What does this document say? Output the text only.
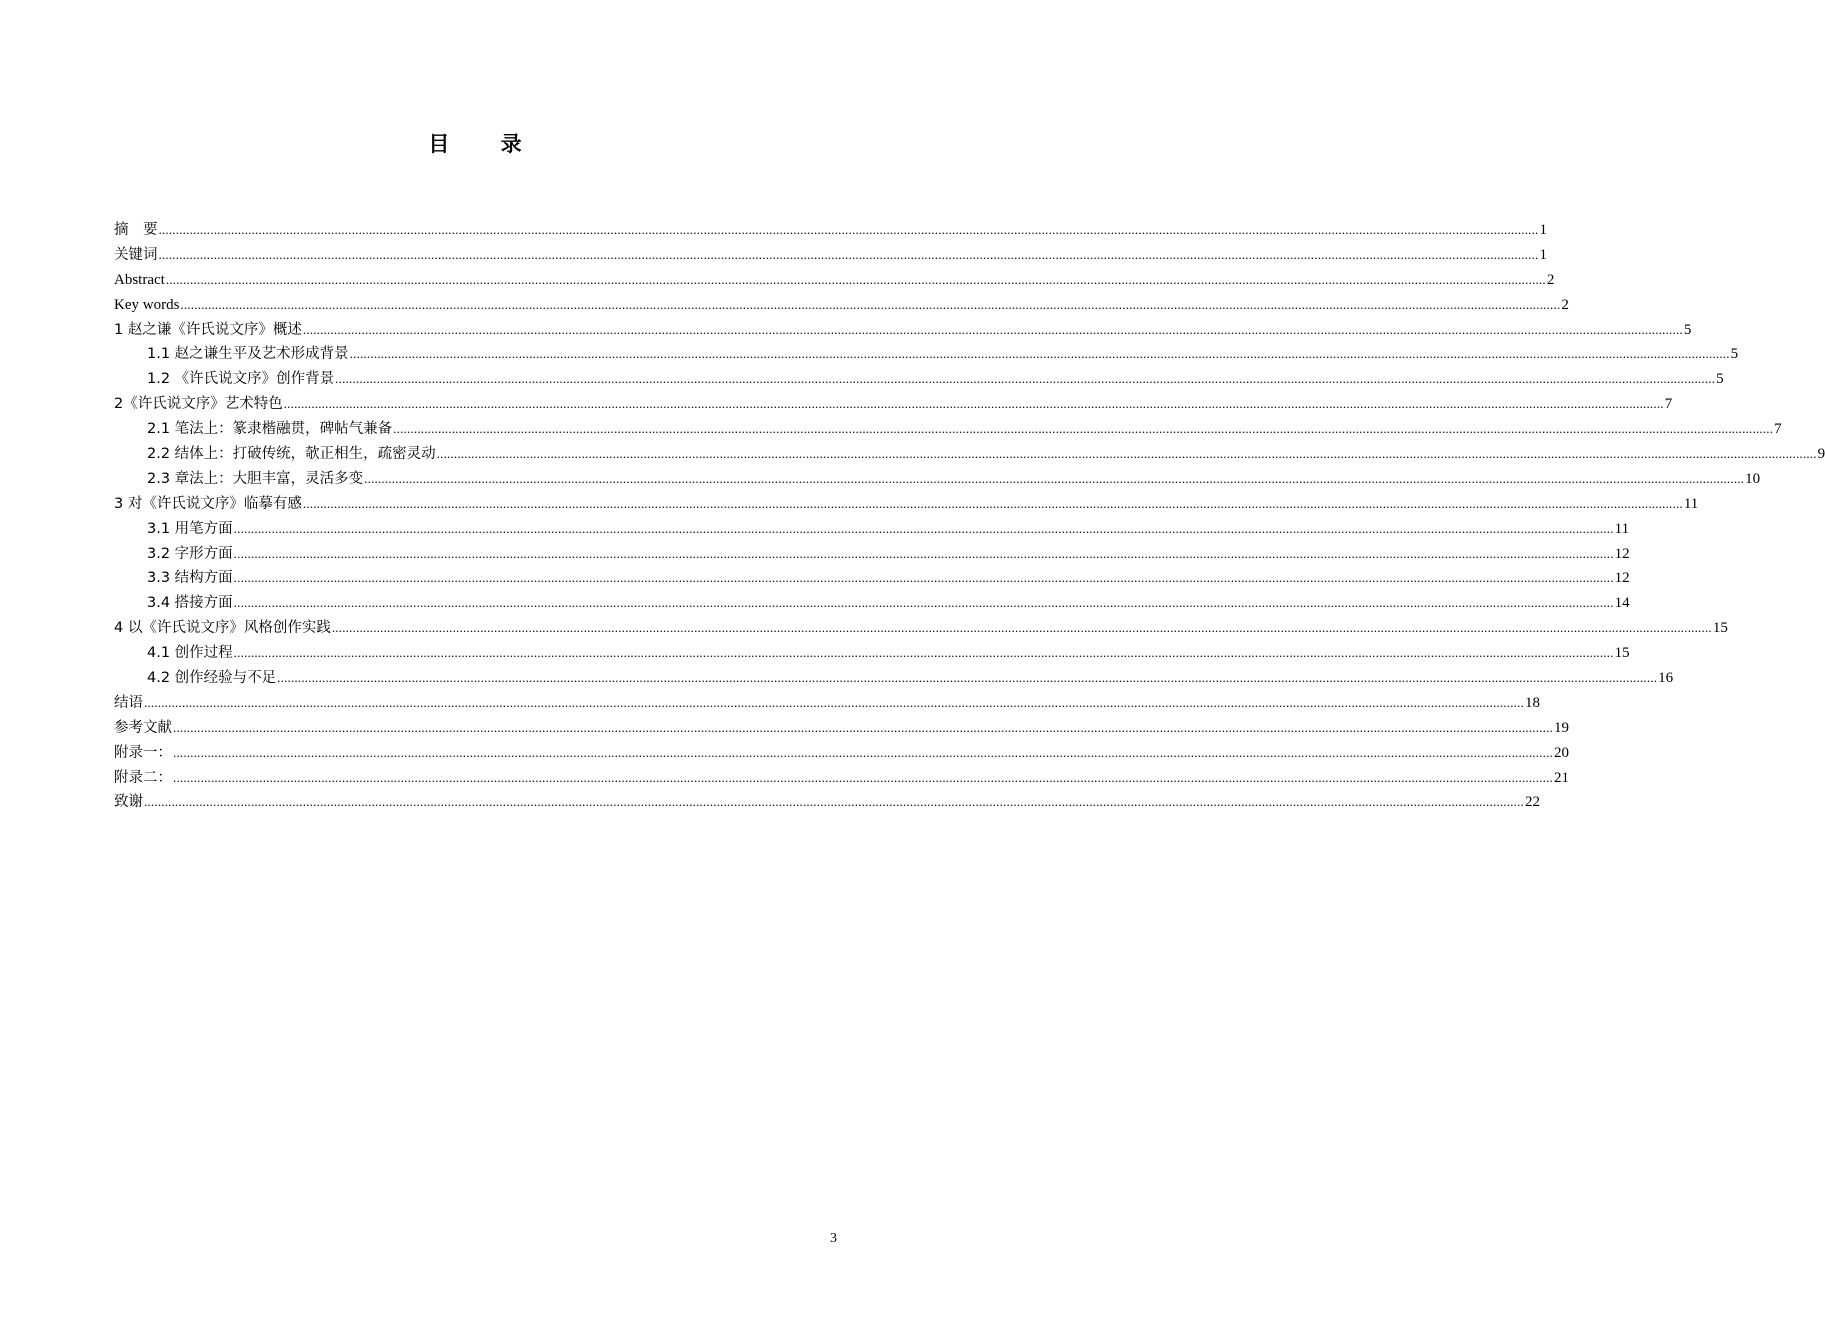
目 录
摘　要 ................................................................................................................................................................................................................................................................................................................................................................................................................ 1
关键词 ................................................................................................................................................................................................................................................................................................................................................................................................................ 1
Abstract ................................................................................................................................................................................................................................................................................................................................................................................................................ 2
Key words ................................................................................................................................................................................................................................................................................................................................................................................................................ 2
1 赵之谦《许氏说文序》概述 ................................................................................................................................................................................................................................................................................................................................................................................................................ 5
1.1 赵之谦生平及艺术形成背景 ................................................................................................................................................................................................................................................................................................................................................................................................................ 5
1.2 《许氏说文序》创作背景 ................................................................................................................................................................................................................................................................................................................................................................................................................ 5
2《许氏说文序》艺术特色 ................................................................................................................................................................................................................................................................................................................................................................................................................ 7
2.1 笔法上：篆隶楷融贯，碑帖气兼备 ................................................................................................................................................................................................................................................................................................................................................................................................................ 7
2.2 结体上：打破传统，欹正相生，疏密灵动 ................................................................................................................................................................................................................................................................................................................................................................................................................ 9
2.3 章法上：大胆丰富，灵活多变 ................................................................................................................................................................................................................................................................................................................................................................................................................ 10
3 对《许氏说文序》临摹有感 ................................................................................................................................................................................................................................................................................................................................................................................................................ 11
3.1 用笔方面 ................................................................................................................................................................................................................................................................................................................................................................................................................ 11
3.2 字形方面 ................................................................................................................................................................................................................................................................................................................................................................................................................ 12
3.3 结构方面 ................................................................................................................................................................................................................................................................................................................................................................................................................ 12
3.4 搭接方面 ................................................................................................................................................................................................................................................................................................................................................................................................................ 14
4 以《许氏说文序》风格创作实践 ................................................................................................................................................................................................................................................................................................................................................................................................................ 15
4.1 创作过程 ................................................................................................................................................................................................................................................................................................................................................................................................................ 15
4.2 创作经验与不足 ................................................................................................................................................................................................................................................................................................................................................................................................................ 16
结语 ................................................................................................................................................................................................................................................................................................................................................................................................................ 18
参考文献 ................................................................................................................................................................................................................................................................................................................................................................................................................ 19
附录一： ................................................................................................................................................................................................................................................................................................................................................................................................................ 20
附录二： ................................................................................................................................................................................................................................................................................................................................................................................................................ 21
致谢 ................................................................................................................................................................................................................................................................................................................................................................................................................ 22
3
